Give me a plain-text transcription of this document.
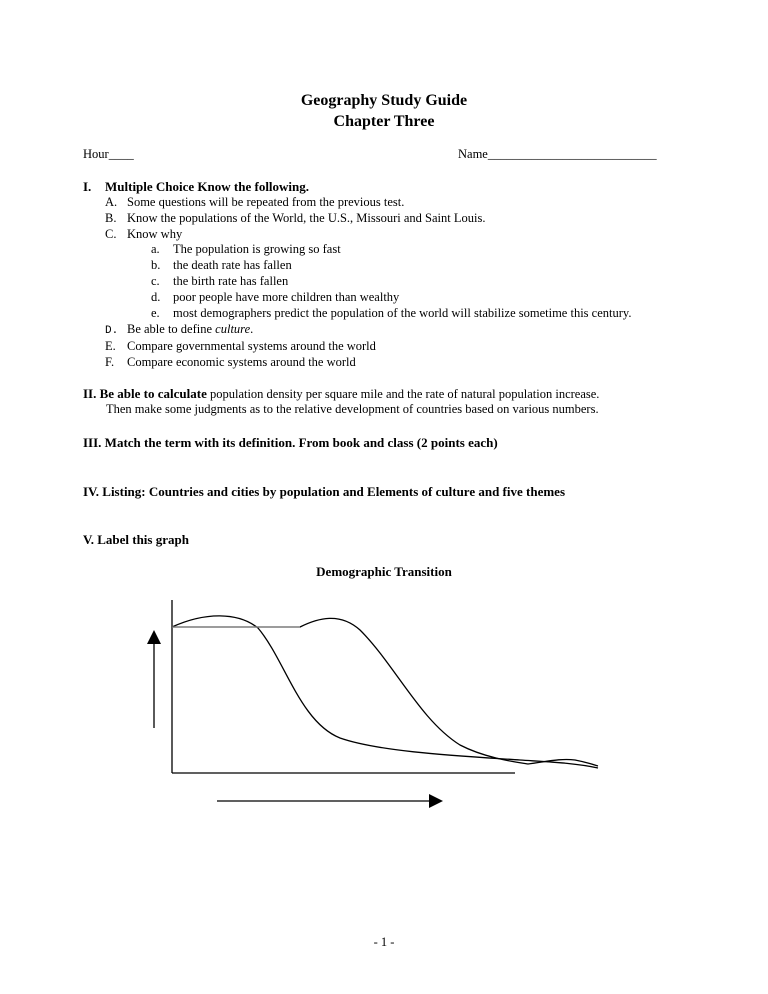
Geography Study Guide
Chapter Three
Hour____	Name___________________________
I. Multiple Choice Know the following.
A. Some questions will be repeated from the previous test.
B. Know the populations of the World, the U.S., Missouri and Saint Louis.
C. Know why
a. The population is growing so fast
b. the death rate has fallen
c. the birth rate has fallen
d. poor people have more children than wealthy
e. most demographers predict the population of the world will stabilize sometime this century.
D. Be able to define culture.
E. Compare governmental systems around the world
F. Compare economic systems around the world
II. Be able to calculate population density per square mile and the rate of natural population increase.
Then make some judgments as to the relative development of countries based on various numbers.
III. Match the term with its definition. From book and class (2 points each)
IV. Listing: Countries and cities by population and Elements of culture and five themes
V. Label this graph
Demographic Transition
- 1 -
